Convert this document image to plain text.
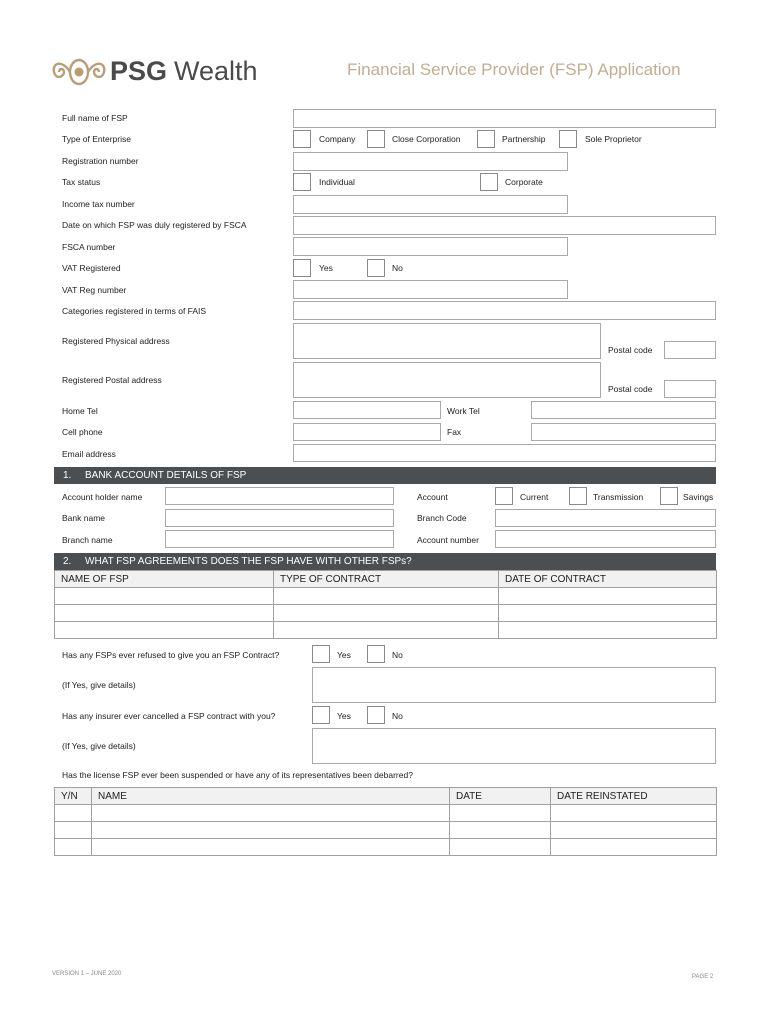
PSG Wealth	Financial Service Provider (FSP) Application
Full name of FSP
Type of Enterprise	Company	Close Corporation	Partnership	Sole Proprietor
Registration number
Tax status	Individual	Corporate
Income tax number
Date on which FSP was duly registered by FSCA
FSCA number
VAT Registered	Yes	No
VAT Reg number
Categories registered in terms of FAIS
Registered Physical address
Postal code
Registered Postal address
Postal code
Home Tel	Work Tel
Cell phone	Fax
Email address
1. BANK ACCOUNT DETAILS OF FSP
Account holder name	Account	Current	Transmission	Savings
Bank name	Branch Code
Branch name	Account number
2. WHAT FSP AGREEMENTS DOES THE FSP HAVE WITH OTHER FSPs?
NAME OF FSP	TYPE OF CONTRACT	DATE OF CONTRACT

Has any FSPs ever refused to give you an FSP Contract?	Yes	No
(If Yes, give details)
Has any insurer ever cancelled a FSP contract with you?	Yes	No
(If Yes, give details)
Has the license FSP ever been suspended or have any of its representatives been debarred?
Y/N	NAME	DATE	DATE REINSTATED

VERSION 1 – JUNE 2020	PAGE 2
